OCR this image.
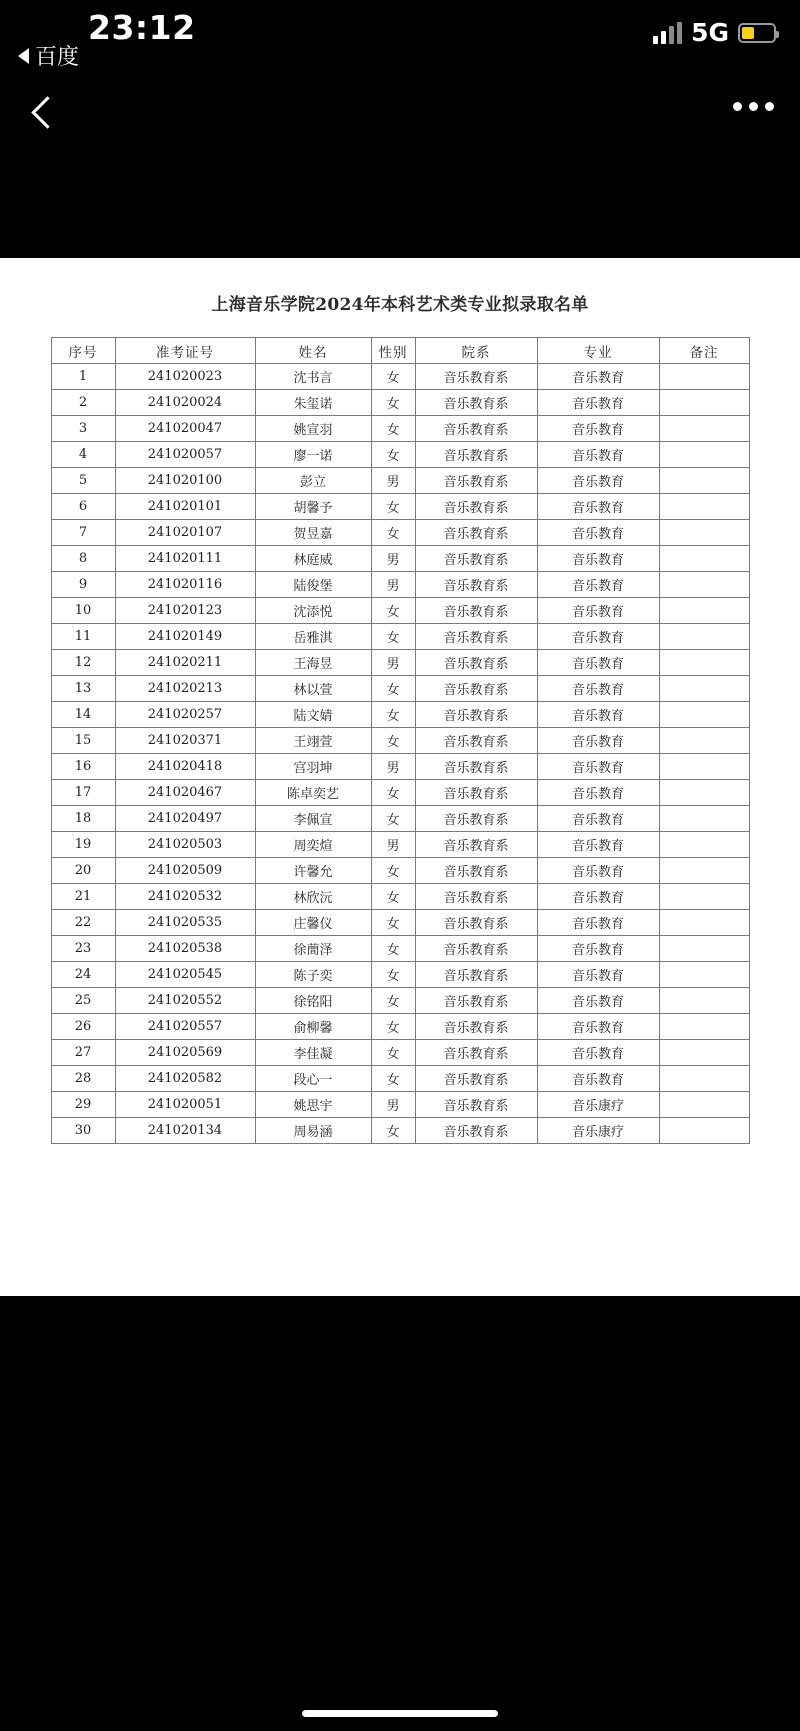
23:12	5G
百度
上海音乐学院2024年本科艺术类专业拟录取名单
序号	准考证号	姓名	性别	院系	专业	备注
1	241020023	沈书言	女	音乐教育系	音乐教育	
2	241020024	朱玺诺	女	音乐教育系	音乐教育	
3	241020047	姚宣羽	女	音乐教育系	音乐教育	
4	241020057	廖一诺	女	音乐教育系	音乐教育	
5	241020100	彭立	男	音乐教育系	音乐教育	
6	241020101	胡馨予	女	音乐教育系	音乐教育	
7	241020107	贺昱嘉	女	音乐教育系	音乐教育	
8	241020111	林庭威	男	音乐教育系	音乐教育	
9	241020116	陆俊堡	男	音乐教育系	音乐教育	
10	241020123	沈添悦	女	音乐教育系	音乐教育	
11	241020149	岳雅淇	女	音乐教育系	音乐教育	
12	241020211	王海昱	男	音乐教育系	音乐教育	
13	241020213	林以萱	女	音乐教育系	音乐教育	
14	241020257	陆文婧	女	音乐教育系	音乐教育	
15	241020371	王翊萱	女	音乐教育系	音乐教育	
16	241020418	宫羽坤	男	音乐教育系	音乐教育	
17	241020467	陈卓奕艺	女	音乐教育系	音乐教育	
18	241020497	李佩宣	女	音乐教育系	音乐教育	
19	241020503	周奕煊	男	音乐教育系	音乐教育	
20	241020509	许馨允	女	音乐教育系	音乐教育	
21	241020532	林欣沅	女	音乐教育系	音乐教育	
22	241020535	庄馨仪	女	音乐教育系	音乐教育	
23	241020538	徐蕳泽	女	音乐教育系	音乐教育	
24	241020545	陈子奕	女	音乐教育系	音乐教育	
25	241020552	徐铭阳	女	音乐教育系	音乐教育	
26	241020557	俞柳馨	女	音乐教育系	音乐教育	
27	241020569	李佳凝	女	音乐教育系	音乐教育	
28	241020582	段心一	女	音乐教育系	音乐教育	
29	241020051	姚思宇	男	音乐教育系	音乐康疗	
30	241020134	周易涵	女	音乐教育系	音乐康疗	
